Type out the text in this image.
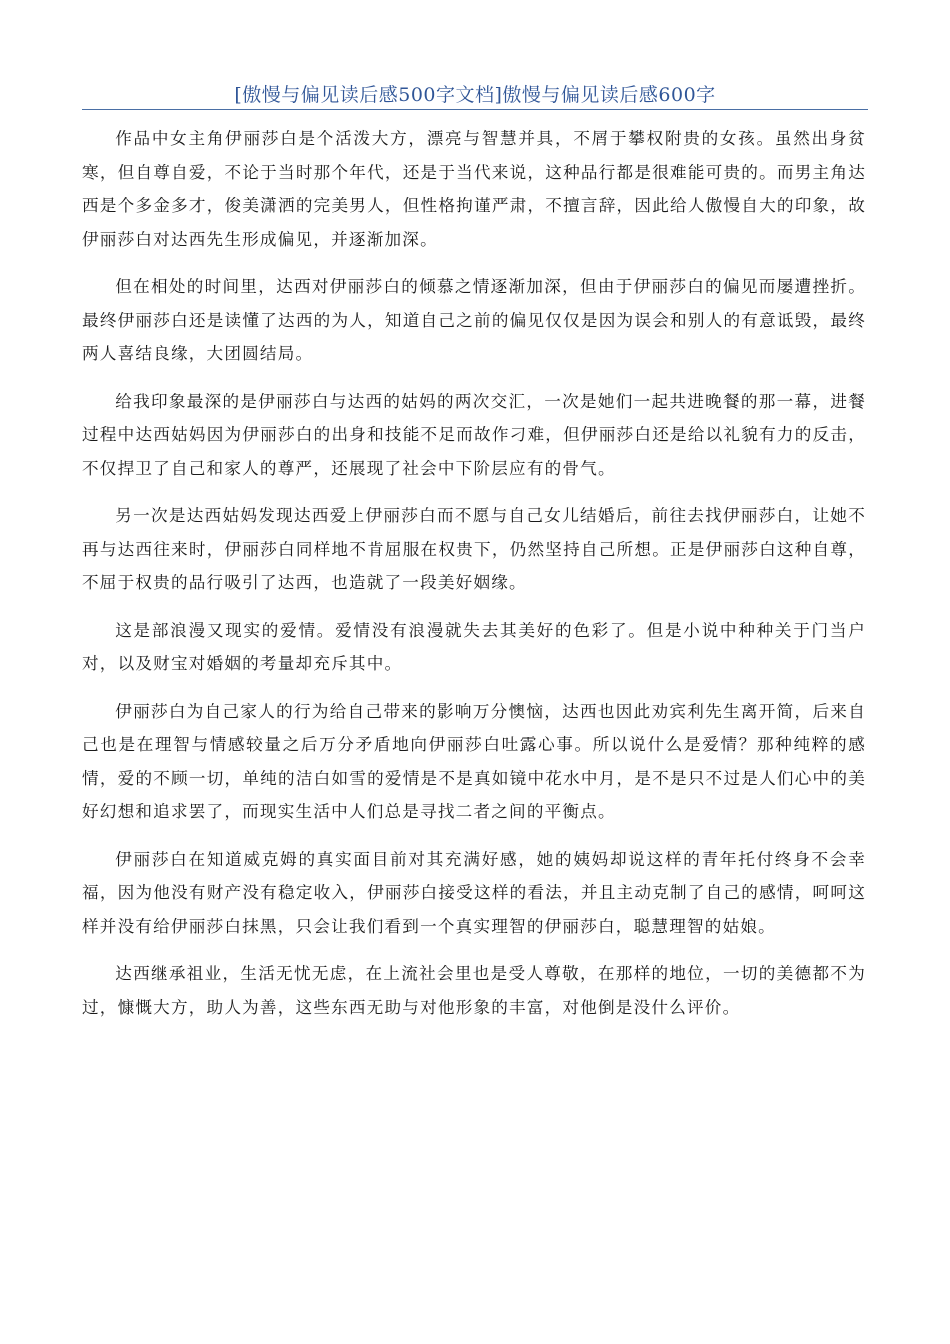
[傲慢与偏见读后感500字文档]傲慢与偏见读后感600字

作品中女主角伊丽莎白是个活泼大方，漂亮与智慧并具，不屑于攀权附贵的女孩。虽然出身贫寒，但自尊自爱，不论于当时那个年代，还是于当代来说，这种品行都是很难能可贵的。而男主角达西是个多金多才，俊美潇洒的完美男人，但性格拘谨严肃，不擅言辞，因此给人傲慢自大的印象，故伊丽莎白对达西先生形成偏见，并逐渐加深。

但在相处的时间里，达西对伊丽莎白的倾慕之情逐渐加深，但由于伊丽莎白的偏见而屡遭挫折。最终伊丽莎白还是读懂了达西的为人，知道自己之前的偏见仅仅是因为误会和别人的有意诋毁，最终两人喜结良缘，大团圆结局。

给我印象最深的是伊丽莎白与达西的姑妈的两次交汇，一次是她们一起共进晚餐的那一幕，进餐过程中达西姑妈因为伊丽莎白的出身和技能不足而故作刁难，但伊丽莎白还是给以礼貌有力的反击，不仅捍卫了自己和家人的尊严，还展现了社会中下阶层应有的骨气。

另一次是达西姑妈发现达西爱上伊丽莎白而不愿与自己女儿结婚后，前往去找伊丽莎白，让她不再与达西往来时，伊丽莎白同样地不肯屈服在权贵下，仍然坚持自己所想。正是伊丽莎白这种自尊，不屈于权贵的品行吸引了达西，也造就了一段美好姻缘。

这是部浪漫又现实的爱情。爱情没有浪漫就失去其美好的色彩了。但是小说中种种关于门当户对，以及财宝对婚姻的考量却充斥其中。

伊丽莎白为自己家人的行为给自己带来的影响万分懊恼，达西也因此劝宾利先生离开简，后来自己也是在理智与情感较量之后万分矛盾地向伊丽莎白吐露心事。所以说什么是爱情？那种纯粹的感情，爱的不顾一切，单纯的洁白如雪的爱情是不是真如镜中花水中月，是不是只不过是人们心中的美好幻想和追求罢了，而现实生活中人们总是寻找二者之间的平衡点。

伊丽莎白在知道威克姆的真实面目前对其充满好感，她的姨妈却说这样的青年托付终身不会幸福，因为他没有财产没有稳定收入，伊丽莎白接受这样的看法，并且主动克制了自己的感情，呵呵这样并没有给伊丽莎白抹黑，只会让我们看到一个真实理智的伊丽莎白，聪慧理智的姑娘。

达西继承祖业，生活无忧无虑，在上流社会里也是受人尊敬，在那样的地位，一切的美德都不为过，慷慨大方，助人为善，这些东西无助与对他形象的丰富，对他倒是没什么评价。
